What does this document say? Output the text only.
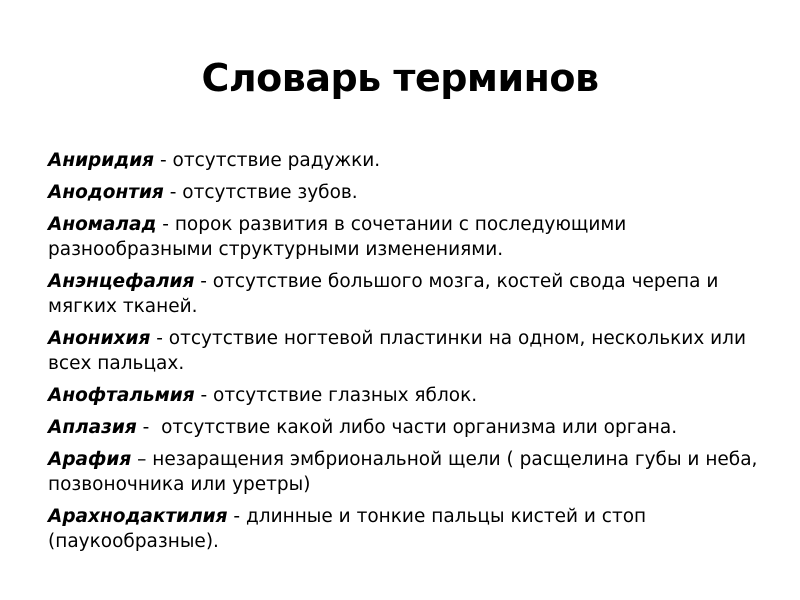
Словарь терминов
Аниридия - отсутствие радужки.
Анодонтия - отсутствие зубов.
Аномалад - порок развития в сочетании с последующими разнообразными структурными изменениями.
Анэнцефалия - отсутствие большого мозга, костей свода черепа и мягких тканей.
Анонихия - отсутствие ногтевой пластинки на одном, нескольких или всех пальцах.
Анофтальмия - отсутствие глазных яблок.
Аплазия -  отсутствие какой либо части организма или органа.
Арафия – незаращения эмбриональной щели ( расщелина губы и неба, позвоночника или уретры)
Арахнодактилия - длинные и тонкие пальцы кистей и стоп (паукообразные).
